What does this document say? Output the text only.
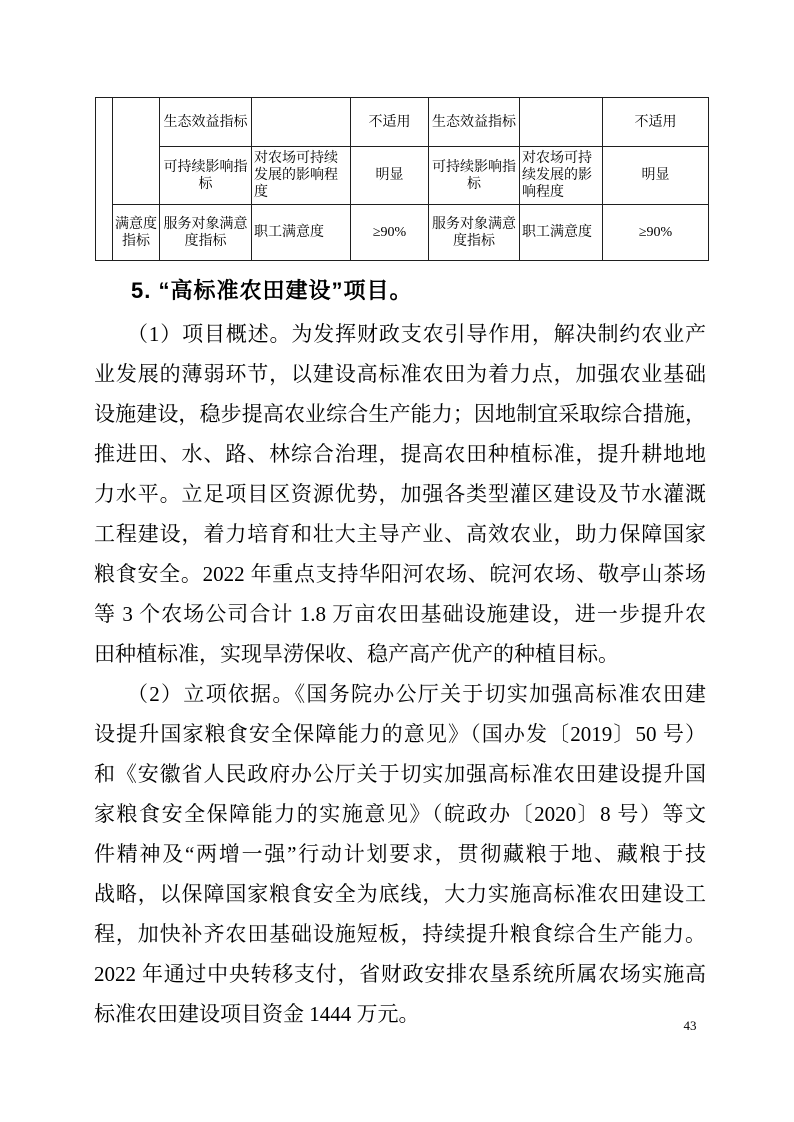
		生态效益指标		不适用	生态效益指标		不适用
		可持续影响指标	对农场可持续发展的影响程度	明显	可持续影响指标	对农场可持续发展的影响程度	明显
	满意度指标	服务对象满意度指标	职工满意度	≥90%	服务对象满意度指标	职工满意度	≥90%
5. “高标准农田建设”项目。
（1）项目概述。为发挥财政支农引导作用，解决制约农业产
业发展的薄弱环节，以建设高标准农田为着力点，加强农业基础
设施建设，稳步提高农业综合生产能力；因地制宜采取综合措施，
推进田、水、路、林综合治理，提高农田种植标准，提升耕地地
力水平。立足项目区资源优势，加强各类型灌区建设及节水灌溉
工程建设，着力培育和壮大主导产业、高效农业，助力保障国家
粮食安全。2022 年重点支持华阳河农场、皖河农场、敬亭山茶场
等 3 个农场公司合计 1.8 万亩农田基础设施建设，进一步提升农
田种植标准，实现旱涝保收、稳产高产优产的种植目标。
（2）立项依据。《国务院办公厅关于切实加强高标准农田建
设提升国家粮食安全保障能力的意见》（国办发〔2019〕50 号）
和《安徽省人民政府办公厅关于切实加强高标准农田建设提升国
家粮食安全保障能力的实施意见》（皖政办〔2020〕8 号）等文
件精神及“两增一强”行动计划要求，贯彻藏粮于地、藏粮于技
战略，以保障国家粮食安全为底线，大力实施高标准农田建设工
程，加快补齐农田基础设施短板，持续提升粮食综合生产能力。
2022 年通过中央转移支付，省财政安排农垦系统所属农场实施高
标准农田建设项目资金 1444 万元。	43
